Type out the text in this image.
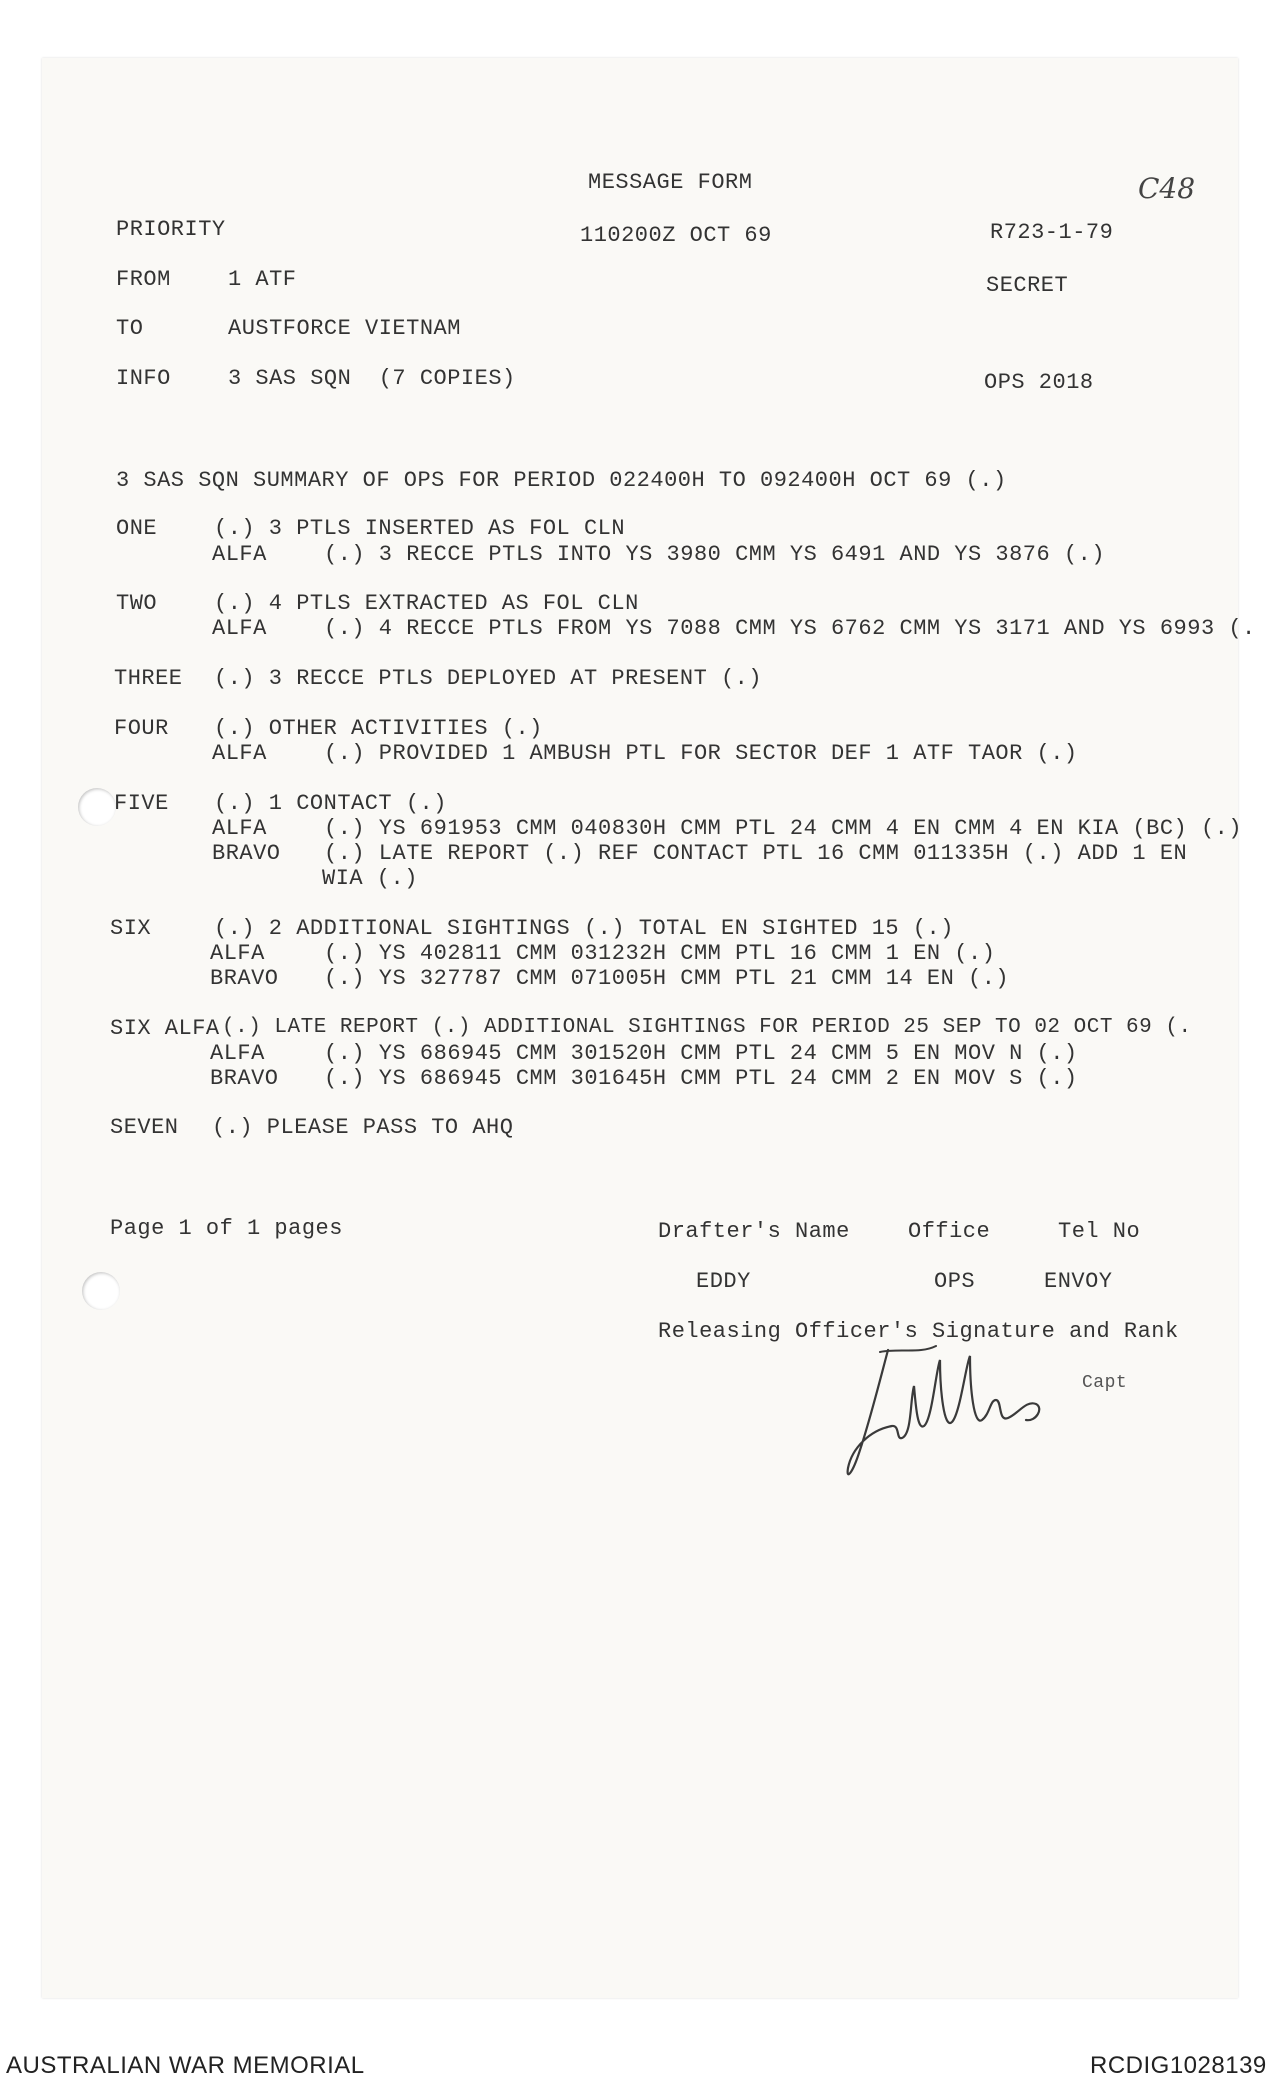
MESSAGE FORM	C48
PRIORITY	110200Z OCT 69	R723-1-79
FROM	1 ATF	SECRET
TO	AUSTFORCE VIETNAM
INFO	3 SAS SQN  (7 COPIES)	OPS 2018
3 SAS SQN SUMMARY OF OPS FOR PERIOD 022400H TO 092400H OCT 69 (.)
ONE	(.) 3 PTLS INSERTED AS FOL CLN
ALFA	(.) 3 RECCE PTLS INTO YS 3980 CMM YS 6491 AND YS 3876 (.)
TWO	(.) 4 PTLS EXTRACTED AS FOL CLN
ALFA	(.) 4 RECCE PTLS FROM YS 7088 CMM YS 6762 CMM YS 3171 AND YS 6993 (.
THREE (.) 3 RECCE PTLS DEPLOYED AT PRESENT (.)
FOUR (.) OTHER ACTIVITIES (.)
ALFA	(.) PROVIDED 1 AMBUSH PTL FOR SECTOR DEF 1 ATF TAOR (.)
FIVE (.) 1 CONTACT (.)
ALFA	(.) YS 691953 CMM 040830H CMM PTL 24 CMM 4 EN CMM 4 EN KIA (BC) (.)
BRAVO (.) LATE REPORT (.) REF CONTACT PTL 16 CMM 011335H (.) ADD 1 EN
WIA (.)
SIX	(.) 2 ADDITIONAL SIGHTINGS (.) TOTAL EN SIGHTED 15 (.)
ALFA	(.) YS 402811 CMM 031232H CMM PTL 16 CMM 1 EN (.)
BRAVO (.) YS 327787 CMM 071005H CMM PTL 21 CMM 14 EN (.)
SIX ALFA (.) LATE REPORT (.) ADDITIONAL SIGHTINGS FOR PERIOD 25 SEP TO 02 OCT 69 (.
ALFA	(.) YS 686945 CMM 301520H CMM PTL 24 CMM 5 EN MOV N (.)
BRAVO (.) YS 686945 CMM 301645H CMM PTL 24 CMM 2 EN MOV S (.)
SEVEN (.) PLEASE PASS TO AHQ
Page 1 of 1 pages	Drafter's Name	Office	Tel No
EDDY	OPS	ENVOY
Releasing Officer's Signature and Rank
Capt
AUSTRALIAN WAR MEMORIAL	RCDIG1028139
